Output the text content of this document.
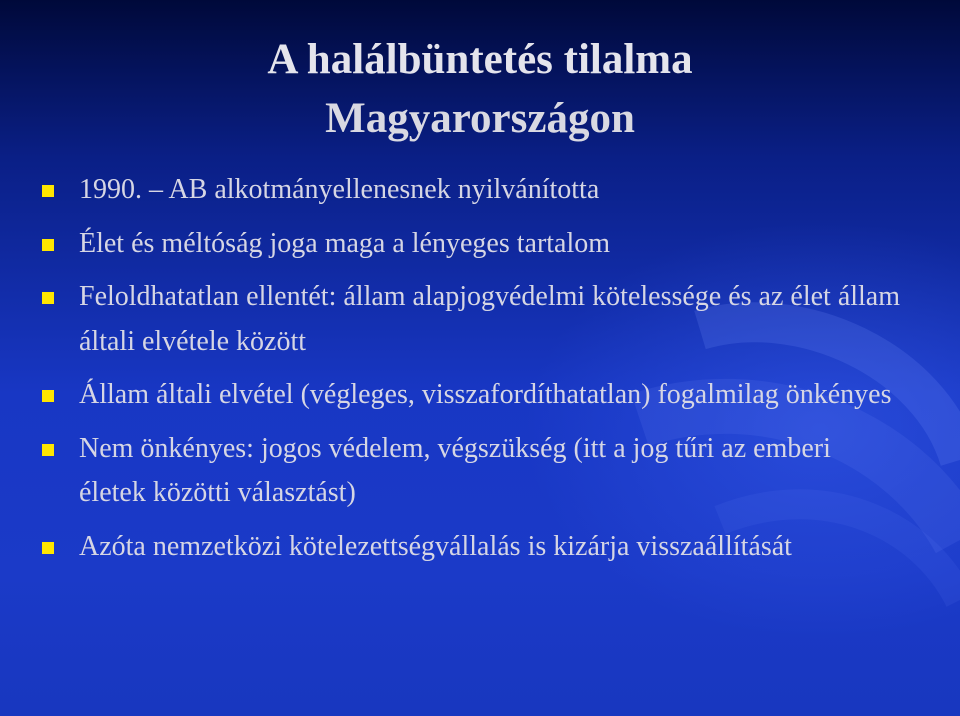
A halálbüntetés tilalma
Magyarországon
1990. – AB alkotmányellenesnek nyilvánította
Élet és méltóság joga maga a lényeges tartalom
Feloldhatatlan ellentét: állam alapjogvédelmi kötelessége és az élet állam általi elvétele között
Állam általi elvétel (végleges, visszafordíthatatlan) fogalmilag önkényes
Nem önkényes: jogos védelem, végszükség (itt a jog tűri az emberi életek közötti választást)
Azóta nemzetközi kötelezettségvállalás is kizárja visszaállítását
